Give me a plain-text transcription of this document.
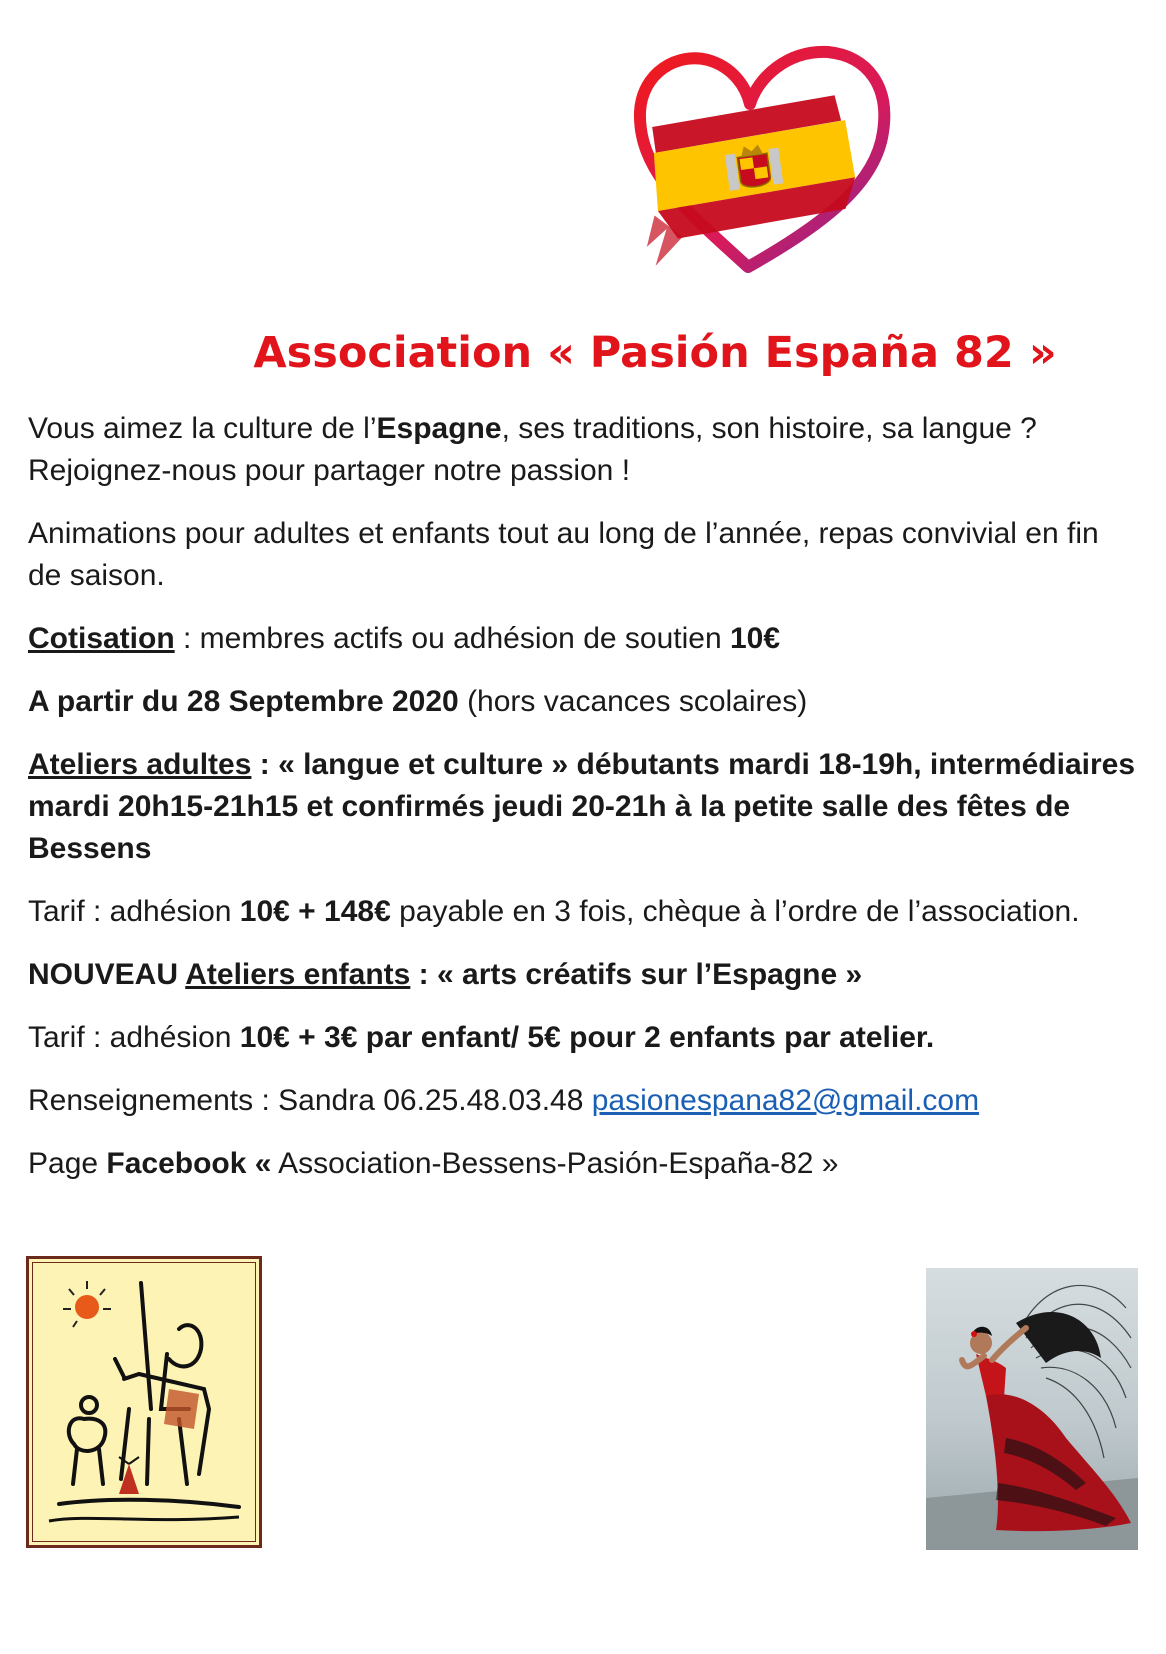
Association « Pasión España 82 »

Vous aimez la culture de l’Espagne, ses traditions, son histoire, sa langue ? Rejoignez-nous pour partager notre passion !

Animations pour adultes et enfants tout au long de l’année, repas convivial en fin de saison.

Cotisation : membres actifs ou adhésion de soutien 10€

A partir du 28 Septembre 2020 (hors vacances scolaires)

Ateliers adultes : « langue et culture » débutants mardi 18-19h, intermédiaires mardi 20h15-21h15 et confirmés jeudi 20-21h à la petite salle des fêtes de Bessens

Tarif : adhésion 10€ + 148€ payable en 3 fois, chèque à l’ordre de l’association.

NOUVEAU Ateliers enfants : « arts créatifs sur l’Espagne »

Tarif : adhésion 10€ + 3€ par enfant/ 5€ pour 2 enfants par atelier.

Renseignements : Sandra 06.25.48.03.48 pasionespana82@gmail.com

Page Facebook « Association-Bessens-Pasión-España-82 »
